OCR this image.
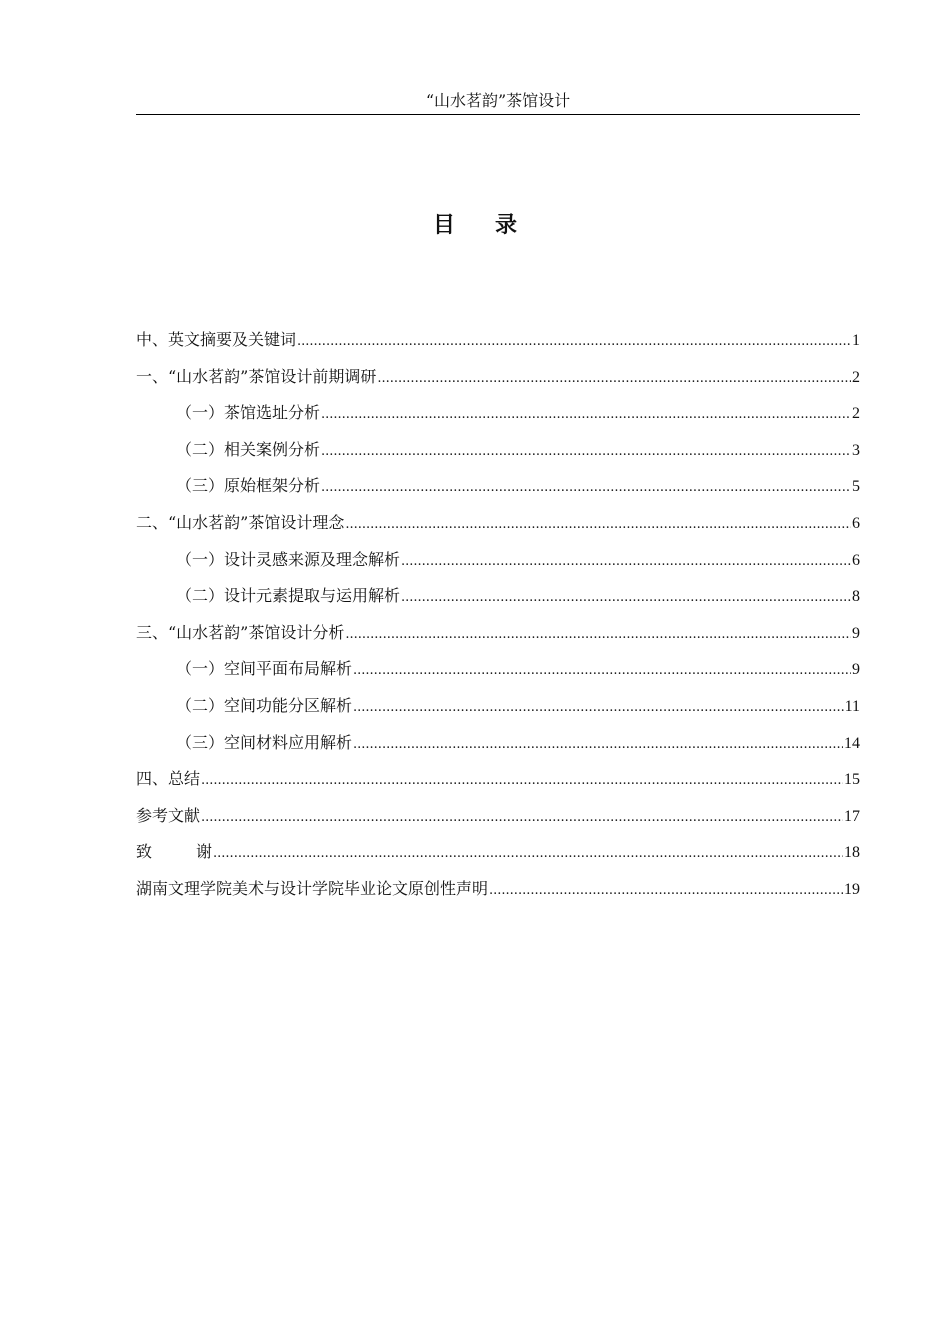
“山水茗韵”茶馆设计
目 录
中、英文摘要及关键词 .....	1
一、“山水茗韵”茶馆设计前期调研 .....	2
（一）茶馆选址分析 .....	2
（二）相关案例分析 .....	3
（三）原始框架分析 .....	5
二、“山水茗韵”茶馆设计理念 .....	6
（一）设计灵感来源及理念解析 .....	6
（二）设计元素提取与运用解析 .....	8
三、“山水茗韵”茶馆设计分析 .....	9
（一）空间平面布局解析 .....	9
（二）空间功能分区解析 .....	11
（三）空间材料应用解析 .....	14
四、总结 .....	15
参考文献 .....	17
致	谢 .....	18
湖南文理学院美术与设计学院毕业论文原创性声明 .....	19
